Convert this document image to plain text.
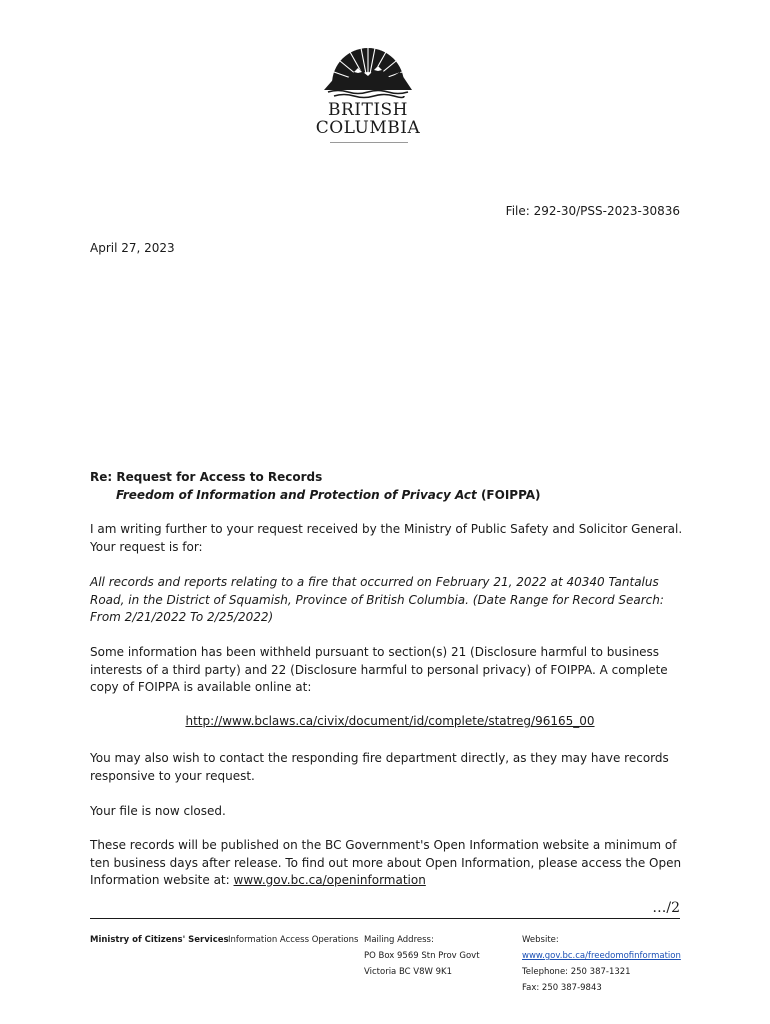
BRITISH
COLUMBIA
File: 292-30/PSS-2023-30836
April 27, 2023
Re: Request for Access to Records
Freedom of Information and Protection of Privacy Act (FOIPPA)
I am writing further to your request received by the Ministry of Public Safety and Solicitor General. Your request is for:
All records and reports relating to a fire that occurred on February 21, 2022 at 40340 Tantalus Road, in the District of Squamish, Province of British Columbia. (Date Range for Record Search: From 2/21/2022 To 2/25/2022)
Some information has been withheld pursuant to section(s) 21 (Disclosure harmful to business interests of a third party) and 22 (Disclosure harmful to personal privacy) of FOIPPA. A complete copy of FOIPPA is available online at:
http://www.bclaws.ca/civix/document/id/complete/statreg/96165_00
You may also wish to contact the responding fire department directly, as they may have records responsive to your request.
Your file is now closed.
These records will be published on the BC Government's Open Information website a minimum of ten business days after release. To find out more about Open Information, please access the Open Information website at: www.gov.bc.ca/openinformation
…/2
Ministry of Citizens' Services Information Access Operations Mailing Address:
PO Box 9569 Stn Prov Govt
Victoria BC V8W 9K1
Website:
www.gov.bc.ca/freedomofinformation
Telephone: 250 387-1321
Fax: 250 387-9843
